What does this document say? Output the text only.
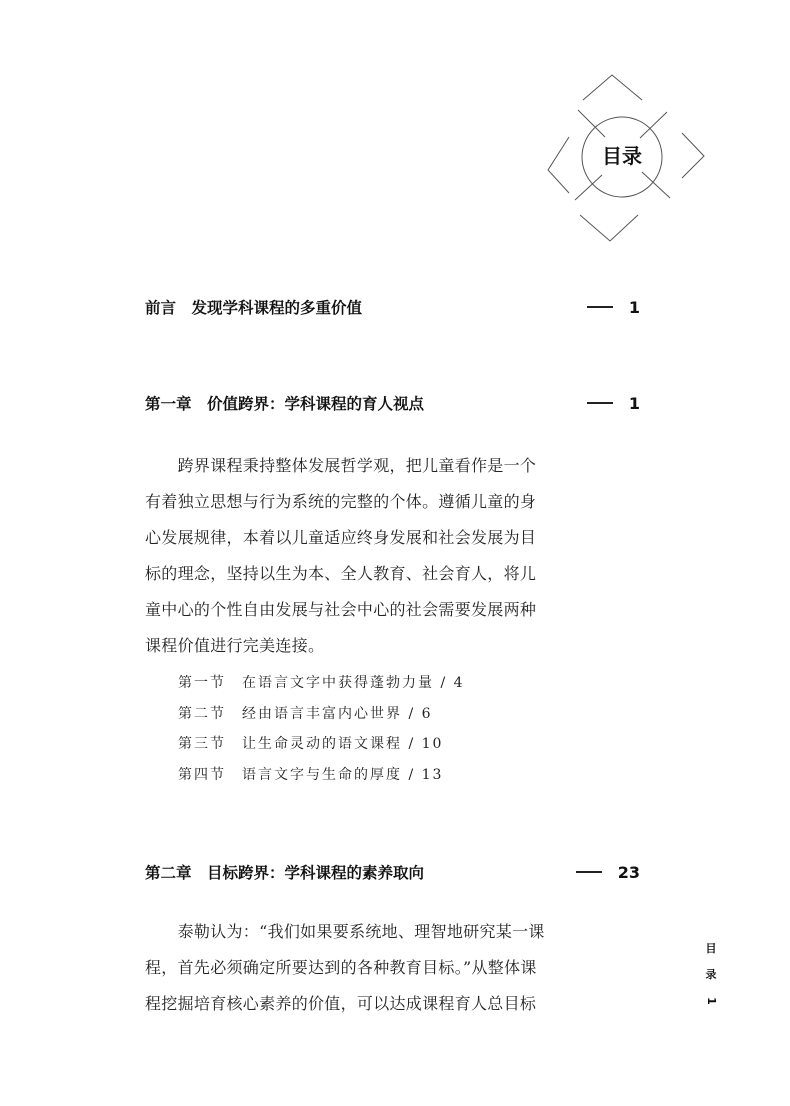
目录
前言　发现学科课程的多重价值	1
第一章　价值跨界：学科课程的育人视点	1
　　跨界课程秉持整体发展哲学观，把儿童看作是一个
有着独立思想与行为系统的完整的个体。遵循儿童的身
心发展规律，本着以儿童适应终身发展和社会发展为目
标的理念，坚持以生为本、全人教育、社会育人，将儿
童中心的个性自由发展与社会中心的社会需要发展两种
课程价值进行完美连接。
第一节	在语言文字中获得蓬勃力量 / 4
第二节	经由语言丰富内心世界 / 6
第三节	让生命灵动的语文课程 / 10
第四节	语言文字与生命的厚度 / 13
第二章　目标跨界：学科课程的素养取向	23
　　泰勒认为：“我们如果要系统地、理智地研究某一课
程，首先必须确定所要达到的各种教育目标。”从整体课
程挖掘培育核心素养的价值，可以达成课程育人总目标
目
录
1
